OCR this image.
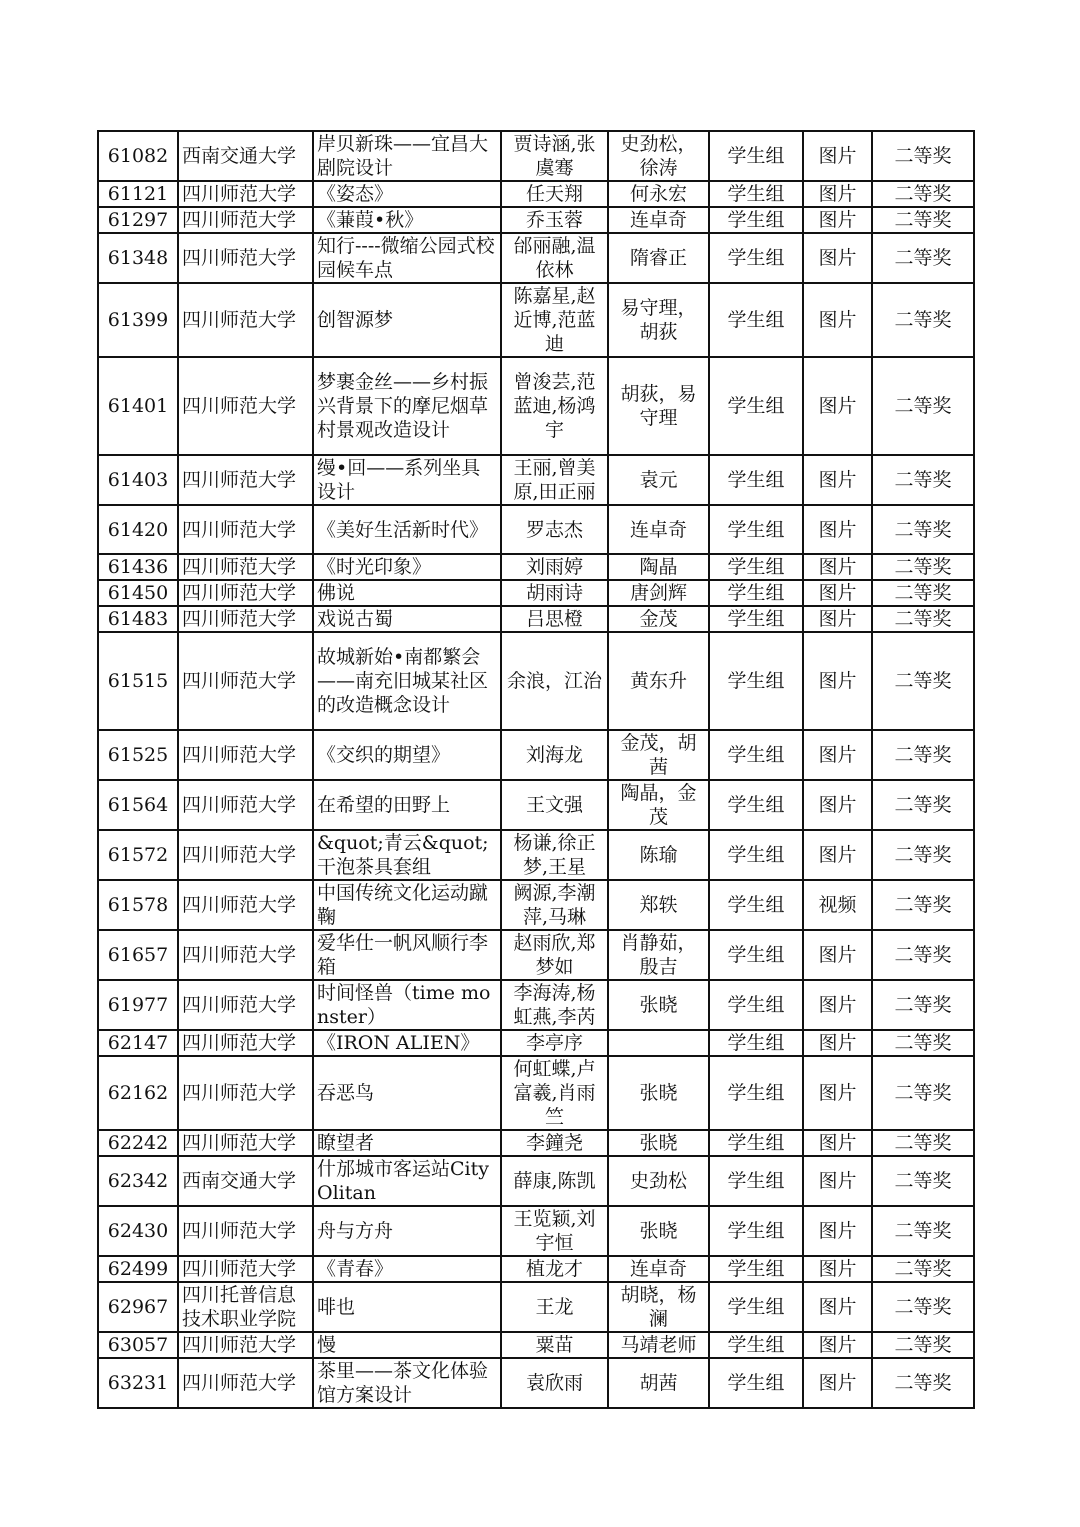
61082	西南交通大学	岸贝新珠——宜昌大剧院设计	贾诗涵,张虞骞	史劲松，徐涛	学生组	图片	二等奖
61121	四川师范大学	《姿态》	任天翔	何永宏	学生组	图片	二等奖
61297	四川师范大学	《蒹葭•秋》	乔玉蓉	连卓奇	学生组	图片	二等奖
61348	四川师范大学	知行----微缩公园式校园候车点	邰丽融,温依林	隋睿正	学生组	图片	二等奖
61399	四川师范大学	创智源梦	陈嘉星,赵近博,范蓝迪	易守理，胡荻	学生组	图片	二等奖
61401	四川师范大学	梦裹金丝——乡村振兴背景下的摩尼烟草村景观改造设计	曾浚芸,范蓝迪,杨鸿宇	胡荻，易守理	学生组	图片	二等奖
61403	四川师范大学	缦•回——系列坐具设计	王丽,曾美原,田正丽	袁元	学生组	图片	二等奖
61420	四川师范大学	《美好生活新时代》	罗志杰	连卓奇	学生组	图片	二等奖
61436	四川师范大学	《时光印象》	刘雨婷	陶晶	学生组	图片	二等奖
61450	四川师范大学	佛说	胡雨诗	唐剑辉	学生组	图片	二等奖
61483	四川师范大学	戏说古蜀	吕思橙	金茂	学生组	图片	二等奖
61515	四川师范大学	故城新始•南都繁会——南充旧城某社区的改造概念设计	余浪，江治	黄东升	学生组	图片	二等奖
61525	四川师范大学	《交织的期望》	刘海龙	金茂，胡茜	学生组	图片	二等奖
61564	四川师范大学	在希望的田野上	王文强	陶晶，金茂	学生组	图片	二等奖
61572	四川师范大学	&quot;青云&quot;干泡茶具套组	杨谦,徐正梦,王星	陈瑜	学生组	图片	二等奖
61578	四川师范大学	中国传统文化运动蹴鞠	阙源,李潮萍,马琳	郑轶	学生组	视频	二等奖
61657	四川师范大学	爱华仕一帆风顺行李箱	赵雨欣,郑梦如	肖静茹，殷吉	学生组	图片	二等奖
61977	四川师范大学	时间怪兽（time monster）	李海涛,杨虹燕,李芮	张晓	学生组	图片	二等奖
62147	四川师范大学	《IRON ALIEN》	李亭序		学生组	图片	二等奖
62162	四川师范大学	吞恶鸟	何虹蝶,卢富羲,肖雨竺	张晓	学生组	图片	二等奖
62242	四川师范大学	瞭望者	李鐘尧	张晓	学生组	图片	二等奖
62342	西南交通大学	什邡城市客运站City Olitan	薛康,陈凯	史劲松	学生组	图片	二等奖
62430	四川师范大学	舟与方舟	王览颖,刘宇恒	张晓	学生组	图片	二等奖
62499	四川师范大学	《青春》	植龙才	连卓奇	学生组	图片	二等奖
62967	四川托普信息技术职业学院	啡也	王龙	胡晓，杨澜	学生组	图片	二等奖
63057	四川师范大学	慢	粟苗	马靖老师	学生组	图片	二等奖
63231	四川师范大学	茶里——茶文化体验馆方案设计	袁欣雨	胡茜	学生组	图片	二等奖
